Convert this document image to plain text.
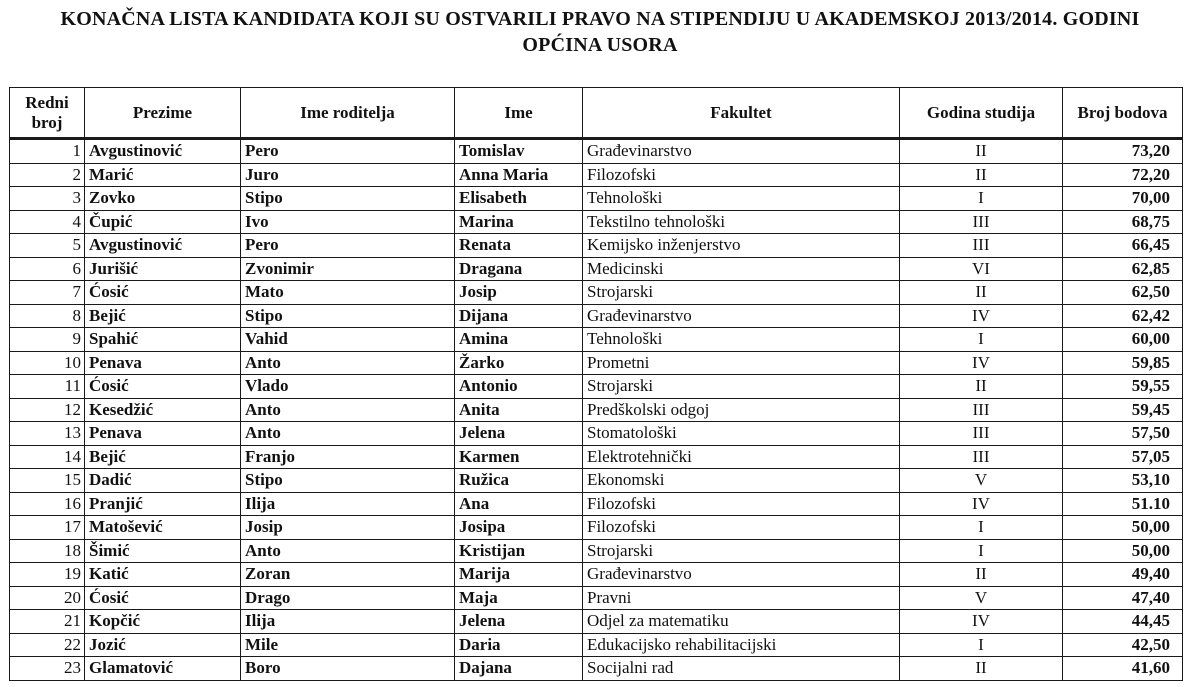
KONAČNA LISTA KANDIDATA KOJI SU OSTVARILI PRAVO NA STIPENDIJU U AKADEMSKOJ 2013/2014. GODINI
OPĆINA USORA
Redni
broj	Prezime	Ime roditelja	Ime	Fakultet	Godina studija	Broj bodova
1	Avgustinović	Pero	Tomislav	Građevinarstvo	II	73,20
2	Marić	Juro	Anna Maria	Filozofski	II	72,20
3	Zovko	Stipo	Elisabeth	Tehnološki	I	70,00
4	Čupić	Ivo	Marina	Tekstilno tehnološki	III	68,75
5	Avgustinović	Pero	Renata	Kemijsko inženjerstvo	III	66,45
6	Jurišić	Zvonimir	Dragana	Medicinski	VI	62,85
7	Ćosić	Mato	Josip	Strojarski	II	62,50
8	Bejić	Stipo	Dijana	Građevinarstvo	IV	62,42
9	Spahić	Vahid	Amina	Tehnološki	I	60,00
10	Penava	Anto	Žarko	Prometni	IV	59,85
11	Ćosić	Vlado	Antonio	Strojarski	II	59,55
12	Kesedžić	Anto	Anita	Predškolski odgoj	III	59,45
13	Penava	Anto	Jelena	Stomatološki	III	57,50
14	Bejić	Franjo	Karmen	Elektrotehnički	III	57,05
15	Dadić	Stipo	Ružica	Ekonomski	V	53,10
16	Pranjić	Ilija	Ana	Filozofski	IV	51.10
17	Matošević	Josip	Josipa	Filozofski	I	50,00
18	Šimić	Anto	Kristijan	Strojarski	I	50,00
19	Katić	Zoran	Marija	Građevinarstvo	II	49,40
20	Ćosić	Drago	Maja	Pravni	V	47,40
21	Kopčić	Ilija	Jelena	Odjel za matematiku	IV	44,45
22	Jozić	Mile	Daria	Edukacijsko rehabilitacijski	I	42,50
23	Glamatović	Boro	Dajana	Socijalni rad	II	41,60
